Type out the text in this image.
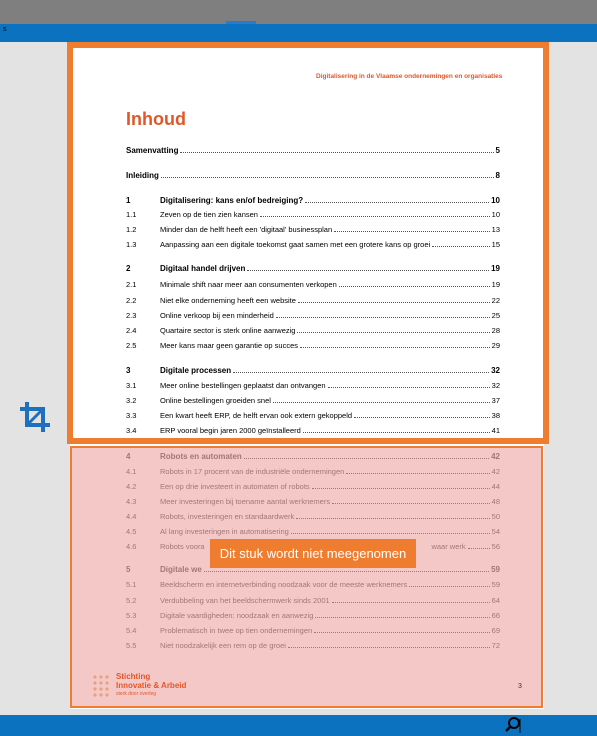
s
Digitalisering in de Vlaamse ondernemingen en organisaties
Inhoud
Samenvatting	5
Inleiding	8
1	Digitalisering: kans en/of bedreiging?	10
1.1	Zeven op de tien zien kansen	10
1.2	Minder dan de helft heeft een 'digitaal' businessplan	13
1.3	Aanpassing aan een digitale toekomst gaat samen met een grotere kans op groei	15
2	Digitaal handel drijven	19
2.1	Minimale shift naar meer aan consumenten verkopen	19
2.2	Niet elke onderneming heeft een website	22
2.3	Online verkoop bij een minderheid	25
2.4	Quartaire sector is sterk online aanwezig	28
2.5	Meer kans maar geen garantie op succes	29
3	Digitale processen	32
3.1	Meer online bestellingen geplaatst dan ontvangen	32
3.2	Online bestellingen groeiden snel	37
3.3	Een kwart heeft ERP, de helft ervan ook extern gekoppeld	38
3.4	ERP vooral begin jaren 2000 geïnstalleerd	41
Dit stuk wordt niet meegenomen
Stichting
Innovatie & Arbeid
sterk door overleg
3
